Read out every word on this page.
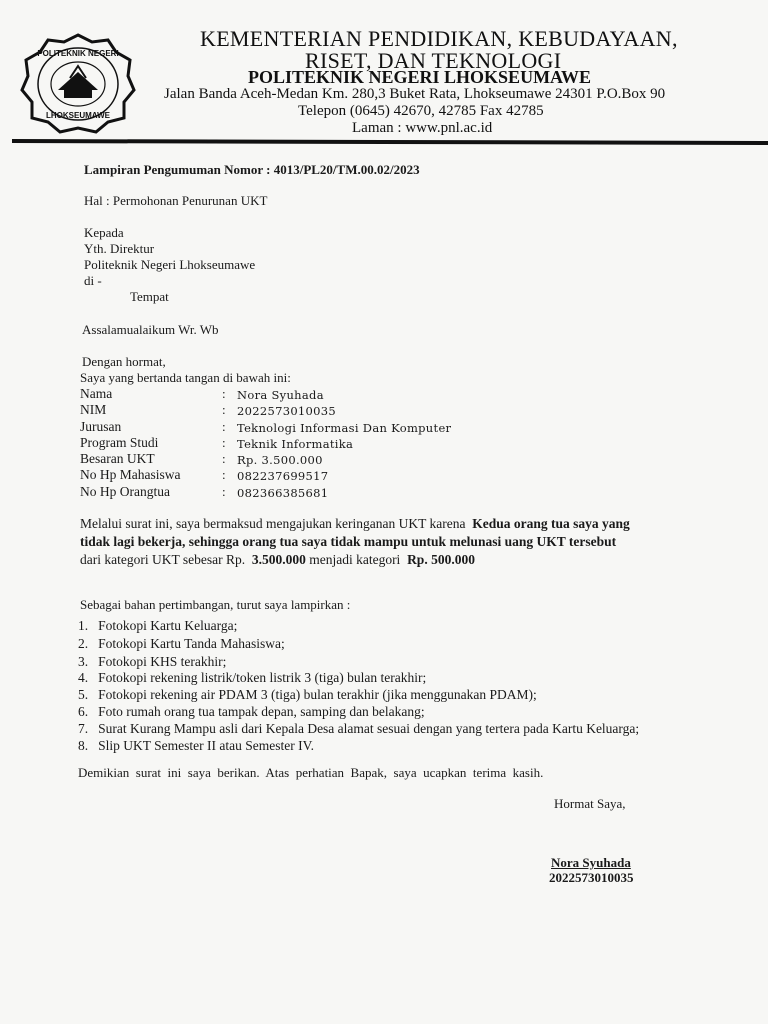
POLITEKNIK NEGERI
LHOKSEUMAWE
KEMENTERIAN PENDIDIKAN, KEBUDAYAAN,
RISET, DAN TEKNOLOGI
POLITEKNIK NEGERI LHOKSEUMAWE
Jalan Banda Aceh-Medan Km. 280,3 Buket Rata, Lhokseumawe 24301 P.O.Box 90
Telepon (0645) 42670, 42785 Fax 42785
Laman : www.pnl.ac.id
Lampiran Pengumuman Nomor : 4013/PL20/TM.00.02/2023
Hal : Permohonan Penurunan UKT
Kepada
Yth. Direktur
Politeknik Negeri Lhokseumawe
di -
Tempat
Assalamualaikum Wr. Wb
Dengan hormat,
Saya yang bertanda tangan di bawah ini:
Nama	: Nora Syuhada
NIM	: 2022573010035
Jurusan	: Teknologi Informasi Dan Komputer
Program Studi	: Teknik Informatika
Besaran UKT	: Rp. 3.500.000
No Hp Mahasiswa	: 082237699517
No Hp Orangtua	: 082366385681
Melalui surat ini, saya bermaksud mengajukan keringanan UKT karena Kedua orang tua saya yang
tidak lagi bekerja, sehingga orang tua saya tidak mampu untuk melunasi uang UKT tersebut
dari kategori UKT sebesar Rp. 3.500.000 menjadi kategori Rp. 500.000
Sebagai bahan pertimbangan, turut saya lampirkan :
1. Fotokopi Kartu Keluarga;
2. Fotokopi Kartu Tanda Mahasiswa;
3. Fotokopi KHS terakhir;
4. Fotokopi rekening listrik/token listrik 3 (tiga) bulan terakhir;
5. Fotokopi rekening air PDAM 3 (tiga) bulan terakhir (jika menggunakan PDAM);
6. Foto rumah orang tua tampak depan, samping dan belakang;
7. Surat Kurang Mampu asli dari Kepala Desa alamat sesuai dengan yang tertera pada Kartu Keluarga;
8. Slip UKT Semester II atau Semester IV.
Demikian  surat  ini  saya  berikan.  Atas  perhatian  Bapak,  saya  ucapkan  terima  kasih.
Hormat Saya,
Nora Syuhada
2022573010035
